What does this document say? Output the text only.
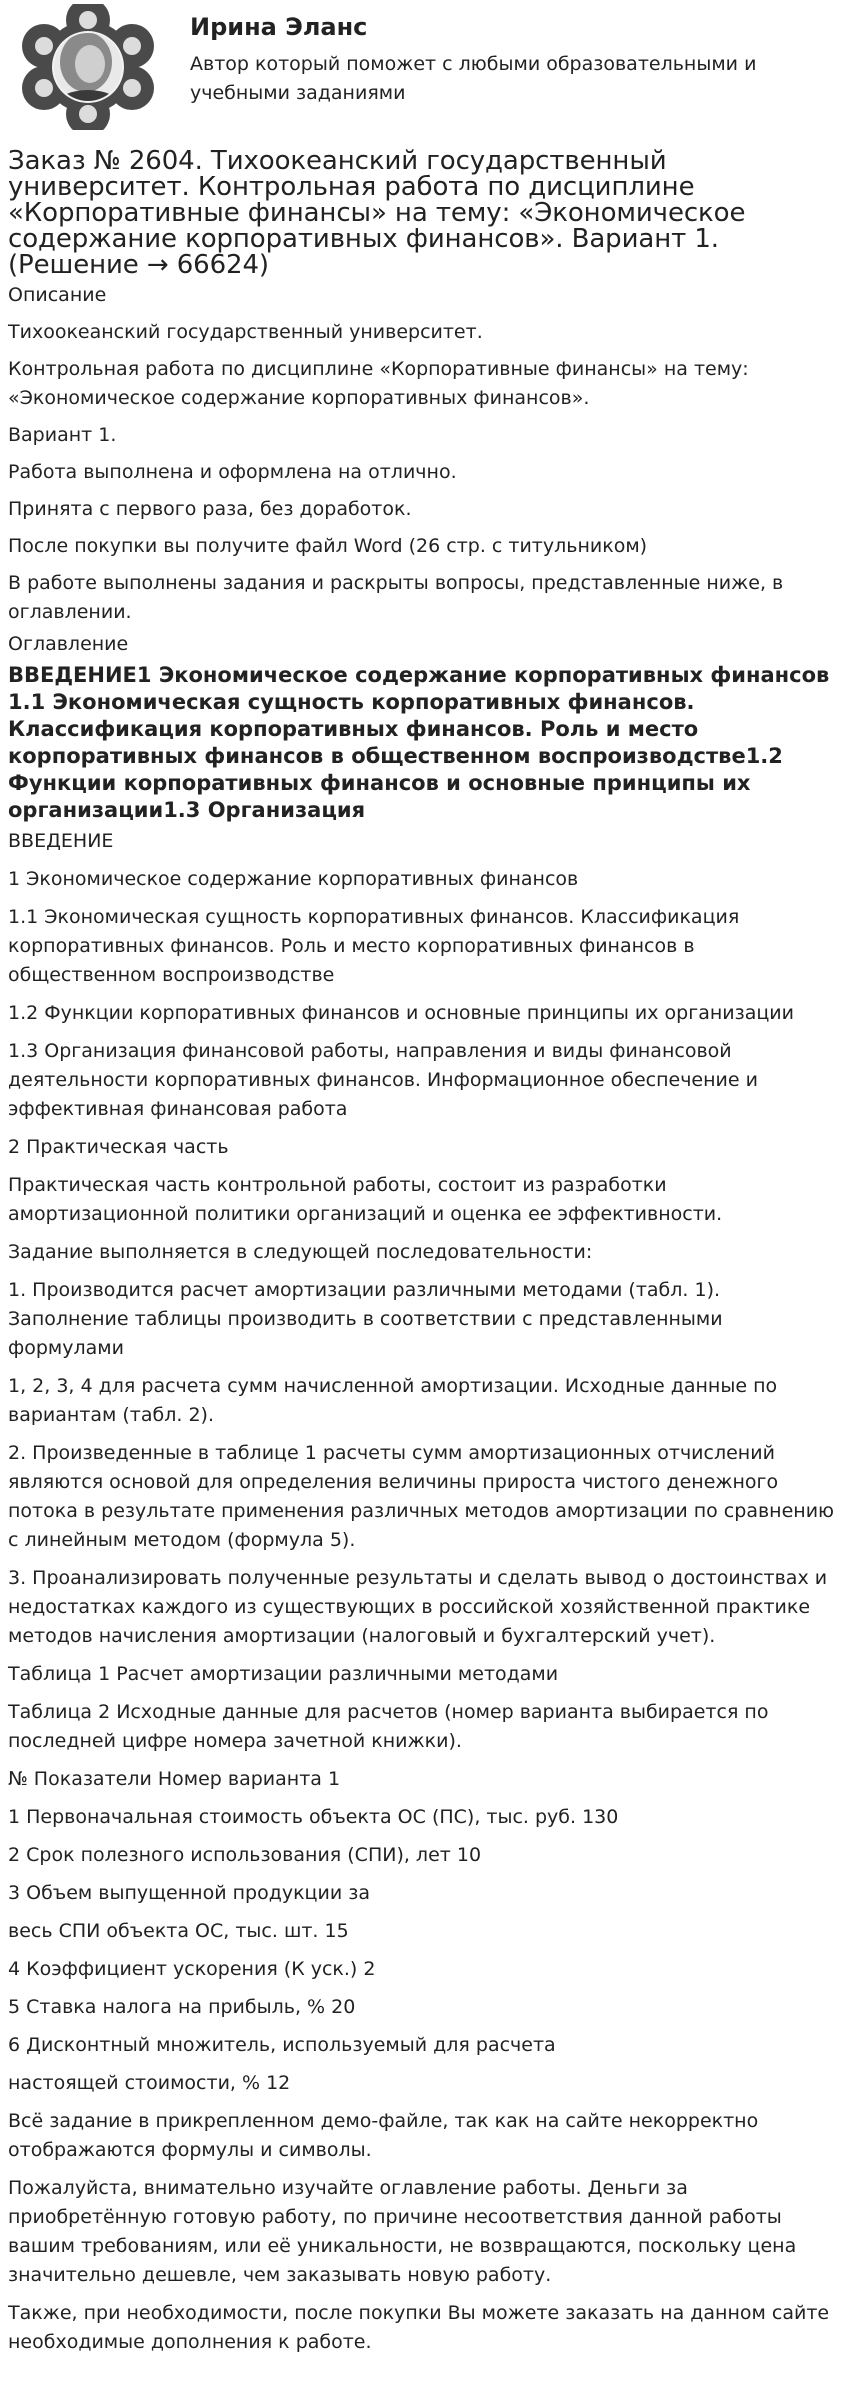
Ирина Эланс
Автор который поможет с любыми образовательными и учебными заданиями
Заказ № 2604. Тихоокеанский государственный университет. Контрольная работа по дисциплине «Корпоративные финансы» на тему: «Экономическое содержание корпоративных финансов». Вариант 1. (Решение → 66624)
Описание

Тихоокеанский государственный университет.

Контрольная работа по дисциплине «Корпоративные финансы» на тему: «Экономическое содержание корпоративных финансов».

Вариант 1.

Работа выполнена и оформлена на отлично.

Принята с первого раза, без доработок.

После покупки вы получите файл Word (26 стр. с титульником)

В работе выполнены задания и раскрыты вопросы, представленные ниже, в оглавлении.

Оглавление
ВВЕДЕНИЕ1 Экономическое содержание корпоративных финансов 1.1 Экономическая сущность корпоративных финансов. Классификация корпоративных финансов. Роль и место корпоративных финансов в общественном воспроизводстве1.2 Функции корпоративных финансов и основные принципы их организации1.3 Организация

ВВЕДЕНИЕ

1 Экономическое содержание корпоративных финансов

1.1 Экономическая сущность корпоративных финансов. Классификация корпоративных финансов. Роль и место корпоративных финансов в общественном воспроизводстве

1.2 Функции корпоративных финансов и основные принципы их организации

1.3 Организация финансовой работы, направления и виды финансовой деятельности корпоративных финансов. Информационное обеспечение и эффективная финансовая работа

2 Практическая часть

Практическая часть контрольной работы, состоит из разработки амортизационной политики организаций и оценка ее эффективности.

Задание выполняется в следующей последовательности:

1. Производится расчет амортизации различными методами (табл. 1). Заполнение таблицы производить в соответствии с представленными формулами

1, 2, 3, 4 для расчета сумм начисленной амортизации. Исходные данные по вариантам (табл. 2).

2. Произведенные в таблице 1 расчеты сумм амортизационных отчислений являются основой для определения величины прироста чистого денежного потока в результате применения различных методов амортизации по сравнению с линейным методом (формула 5).

3. Проанализировать полученные результаты и сделать вывод о достоинствах и недостатках каждого из существующих в российской хозяйственной практике методов начисления амортизации (налоговый и бухгалтерский учет).

Таблица 1 Расчет амортизации различными методами

Таблица 2 Исходные данные для расчетов (номер варианта выбирается по последней цифре номера зачетной книжки).

№ Показатели Номер варианта 1

1 Первоначальная стоимость объекта ОС (ПС), тыс. руб. 130

2 Срок полезного использования (СПИ), лет 10

3 Объем выпущенной продукции за

весь СПИ объекта ОС, тыс. шт. 15

4 Коэффициент ускорения (К уск.) 2

5 Ставка налога на прибыль, % 20

6 Дисконтный множитель, используемый для расчета

настоящей стоимости, % 12

Всё задание в прикрепленном демо-файле, так как на сайте некорректно отображаются формулы и символы.

Пожалуйста, внимательно изучайте оглавление работы. Деньги за приобретённую готовую работу, по причине несоответствия данной работы вашим требованиям, или её уникальности, не возвращаются, поскольку цена значительно дешевле, чем заказывать новую работу.

Также, при необходимости, после покупки Вы можете заказать на данном сайте необходимые дополнения к работе.
